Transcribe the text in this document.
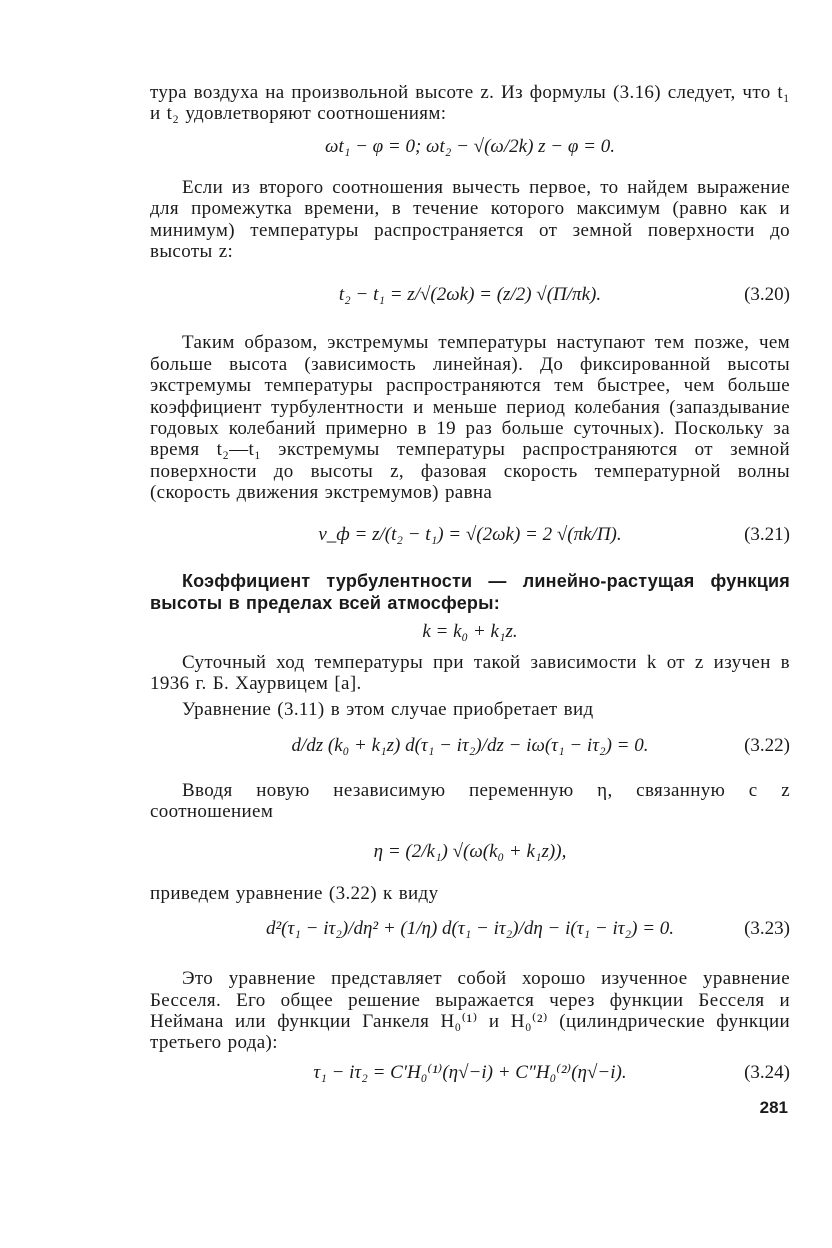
тура воздуха на произвольной высоте z. Из формулы (3.16) следует, что t₁ и t₂ удовлетворяют соотношениям:

ωt₁ − φ = 0; ωt₂ − √(ω/2k) z − φ = 0.

Если из второго соотношения вычесть первое, то найдем выражение для промежутка времени, в течение которого максимум (равно как и минимум) температуры распространяется от земной поверхности до высоты z:

t₂ − t₁ = z/√(2ωk) = (z/2) √(Π/πk).	(3.20)

Таким образом, экстремумы температуры наступают тем позже, чем больше высота (зависимость линейная). До фиксированной высоты экстремумы температуры распространяются тем быстрее, чем больше коэффициент турбулентности и меньше период колебания (запаздывание годовых колебаний примерно в 19 раз больше суточных). Поскольку за время t₂—t₁ экстремумы температуры распространяются от земной поверхности до высоты z, фазовая скорость температурной волны (скорость движения экстремумов) равна

v_ф = z/(t₂ − t₁) = √(2ωk) = 2 √(πk/Π).	(3.21)

Коэффициент турбулентности — линейно-растущая функция высоты в пределах всей атмосферы:

k = k₀ + k₁z.

Суточный ход температуры при такой зависимости k от z изучен в 1936 г. Б. Хаурвицем [а].

Уравнение (3.11) в этом случае приобретает вид

d/dz (k₀ + k₁z) d(τ₁ − iτ₂)/dz − iω(τ₁ − iτ₂) = 0.	(3.22)

Вводя новую независимую переменную η, связанную с z соотношением

η = (2/k₁) √(ω(k₀ + k₁z)),

приведем уравнение (3.22) к виду

d²(τ₁ − iτ₂)/dη² + (1/η) d(τ₁ − iτ₂)/dη − i(τ₁ − iτ₂) = 0.	(3.23)

Это уравнение представляет собой хорошо изученное уравнение Бесселя. Его общее решение выражается через функции Бесселя и Неймана или функции Ганкеля H₀⁽¹⁾ и H₀⁽²⁾ (цилиндрические функции третьего рода):

τ₁ − iτ₂ = C′H₀⁽¹⁾(η√−i) + C″H₀⁽²⁾(η√−i).	(3.24)
281
